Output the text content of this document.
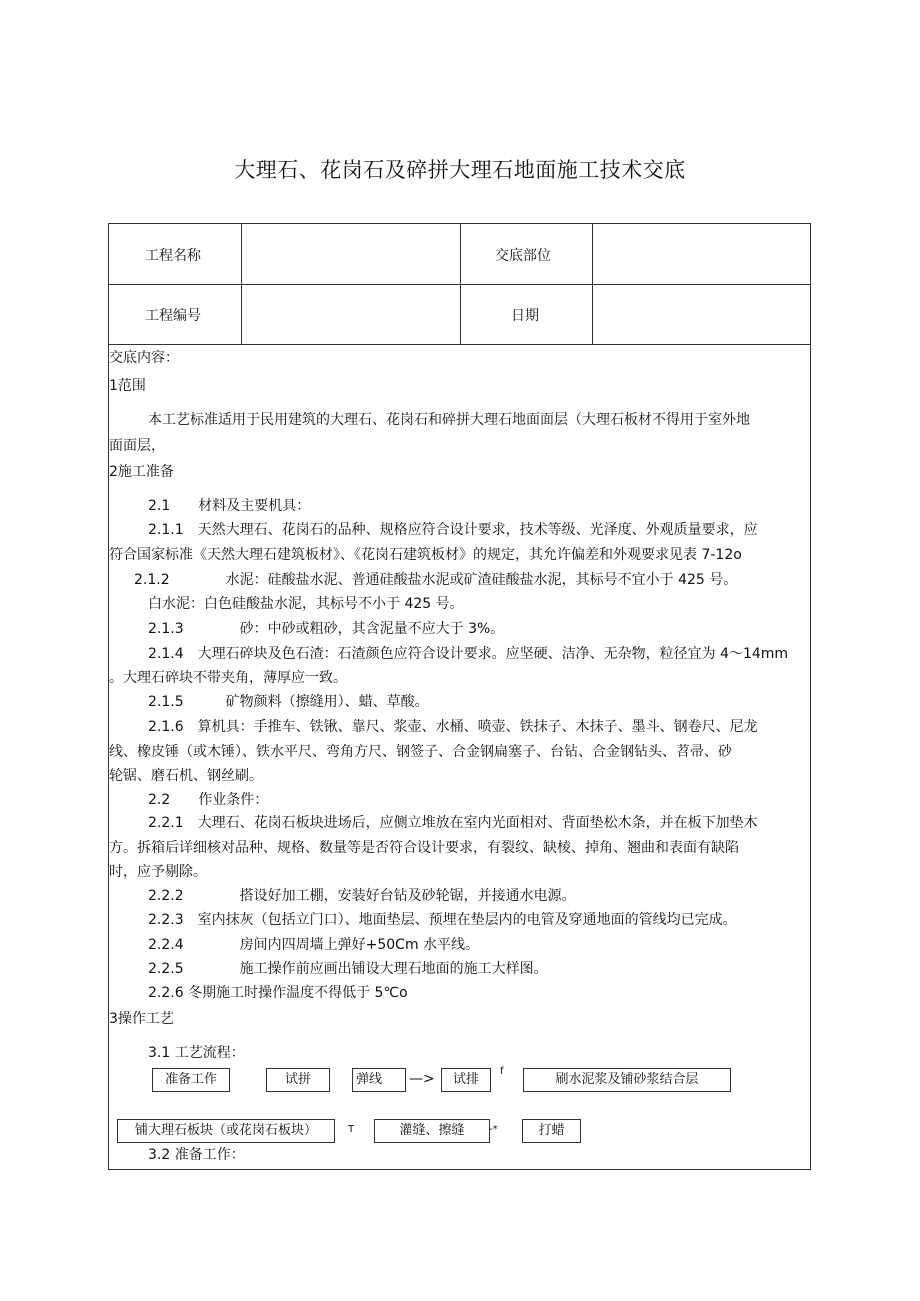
大理石、花岗石及碎拼大理石地面施工技术交底
工程名称	交底部位
工程编号	日期
交底内容：
1范围
本工艺标准适用于民用建筑的大理石、花岗石和碎拼大理石地面面层（大理石板材不得用于室外地
面面层，
2施工准备
2.1　　材料及主要机具：
2.1.1　天然大理石、花岗石的品种、规格应符合设计要求，技术等级、光泽度、外观质量要求，应
符合国家标准《天然大理石建筑板材》、《花岗石建筑板材》的规定，其允许偏差和外观要求见表 7-12o
2.1.2　　　　水泥：硅酸盐水泥、普通硅酸盐水泥或矿渣硅酸盐水泥，其标号不宜小于 425 号。
白水泥：白色硅酸盐水泥，其标号不小于 425 号。
2.1.3　　　　砂：中砂或粗砂，其含泥量不应大于 3%。
2.1.4　大理石碎块及色石渣：石渣颜色应符合设计要求。应坚硬、洁净、无杂物，粒径宜为 4～14mm
。大理石碎块不带夹角，薄厚应一致。
2.1.5　　　矿物颜料（擦缝用）、蜡、草酸。
2.1.6　算机具：手推车、铁锹、靠尺、浆壶、水桶、喷壶、铁抹子、木抹子、墨斗、钢卷尺、尼龙
线、橡皮锤（或木锤）、铁水平尺、弯角方尺、钢签子、合金钢扁塞子、台钻、合金钢钻头、苕帚、砂
轮锯、磨石机、钢丝刷。
2.2　　作业条件：
2.2.1　大理石、花岗石板块进场后，应侧立堆放在室内光面相对、背面垫松木条，并在板下加垫木
方。拆箱后详细核对品种、规格、数量等是否符合设计要求，有裂纹、缺棱、掉角、翘曲和表面有缺陷
时，应予剔除。
2.2.2　　　　搭设好加工棚，安装好台钻及砂轮锯，并接通水电源。
2.2.3　室内抹灰（包括立门口）、地面垫层、预埋在垫层内的电管及穿通地面的管线均已完成。
2.2.4　　　　房间内四周墙上弹好+50Cm 水平线。
2.2.5　　　　施工操作前应画出铺设大理石地面的施工大样图。
2.2.6 冬期施工时操作温度不得低于 5℃o
3操作工艺
3.1 工艺流程：
准备工作	试拼	弹线	—>	试排
f
刷水泥浆及铺砂浆结合层
铺大理石板块（或花岗石板块）	T	灌缝、擦缝	-*	打蜡
3.2 准备工作：
